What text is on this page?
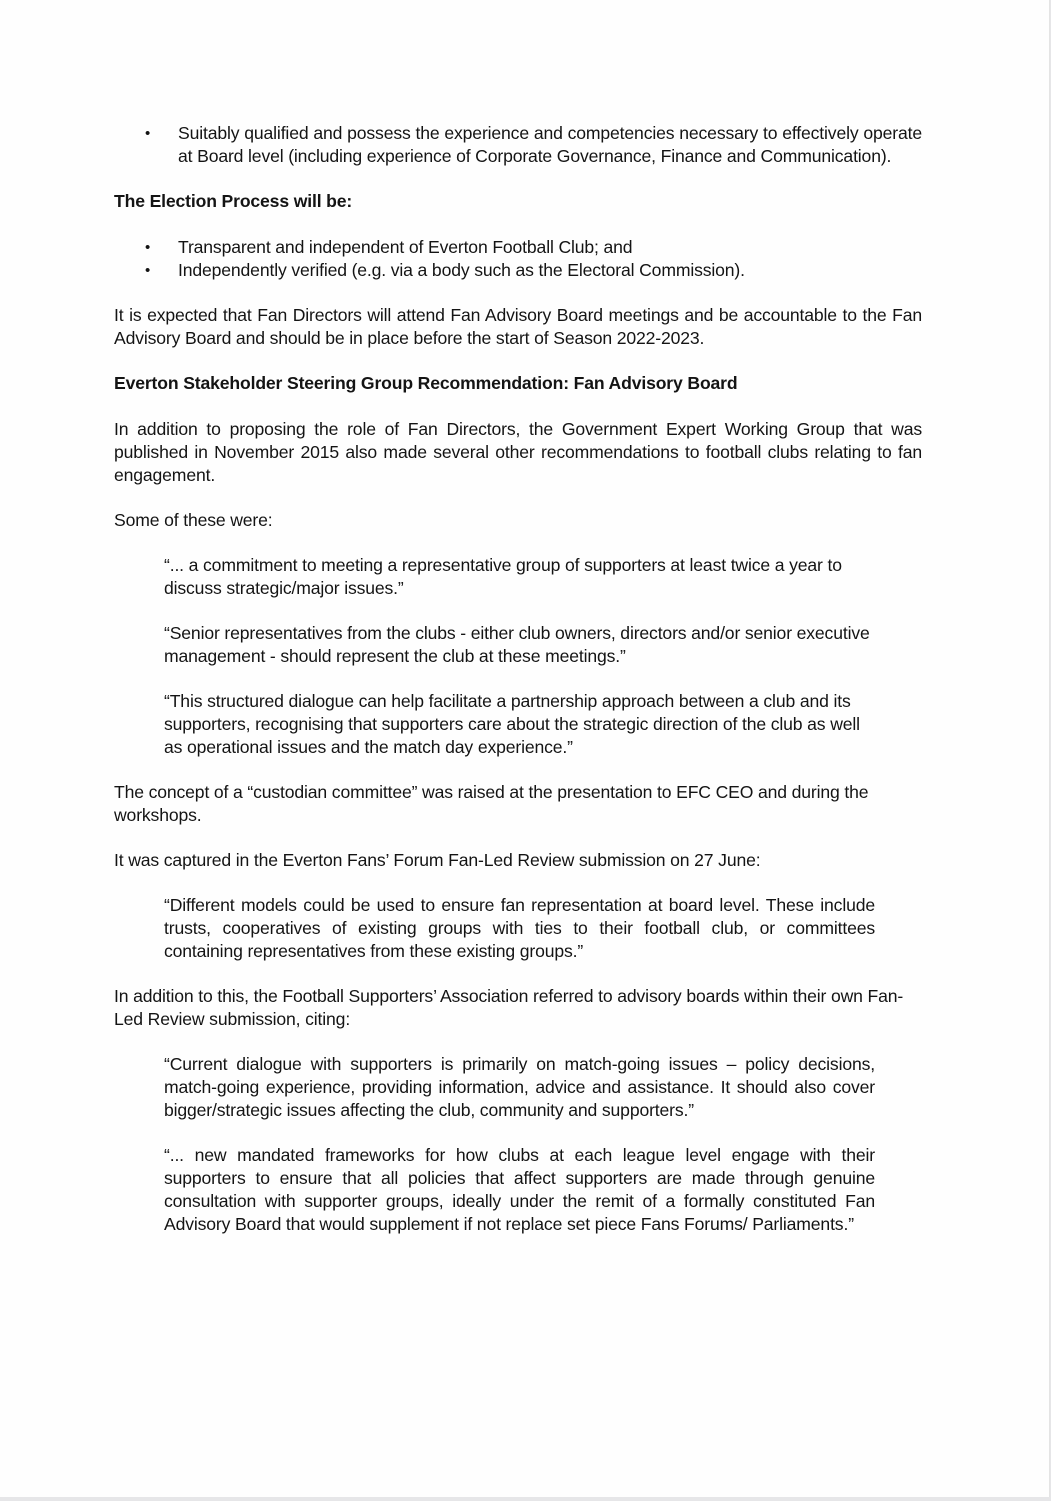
• Suitably qualified and possess the experience and competencies necessary to effectively operate at Board level (including experience of Corporate Governance, Finance and Communication).

The Election Process will be:

• Transparent and independent of Everton Football Club; and
• Independently verified (e.g. via a body such as the Electoral Commission).

It is expected that Fan Directors will attend Fan Advisory Board meetings and be accountable to the Fan Advisory Board and should be in place before the start of Season 2022-2023.

Everton Stakeholder Steering Group Recommendation: Fan Advisory Board

In addition to proposing the role of Fan Directors, the Government Expert Working Group that was published in November 2015 also made several other recommendations to football clubs relating to fan engagement.

Some of these were:

“... a commitment to meeting a representative group of supporters at least twice a year to discuss strategic/major issues.”

“Senior representatives from the clubs - either club owners, directors and/or senior executive management - should represent the club at these meetings.”

“This structured dialogue can help facilitate a partnership approach between a club and its supporters, recognising that supporters care about the strategic direction of the club as well as operational issues and the match day experience.”

The concept of a “custodian committee” was raised at the presentation to EFC CEO and during the workshops.

It was captured in the Everton Fans’ Forum Fan-Led Review submission on 27 June:

“Different models could be used to ensure fan representation at board level. These include trusts, cooperatives of existing groups with ties to their football club, or committees containing representatives from these existing groups.”

In addition to this, the Football Supporters’ Association referred to advisory boards within their own Fan-Led Review submission, citing:

“Current dialogue with supporters is primarily on match-going issues – policy decisions, match-going experience, providing information, advice and assistance. It should also cover bigger/strategic issues affecting the club, community and supporters.”

“... new mandated frameworks for how clubs at each league level engage with their supporters to ensure that all policies that affect supporters are made through genuine consultation with supporter groups, ideally under the remit of a formally constituted Fan Advisory Board that would supplement if not replace set piece Fans Forums/ Parliaments.”
